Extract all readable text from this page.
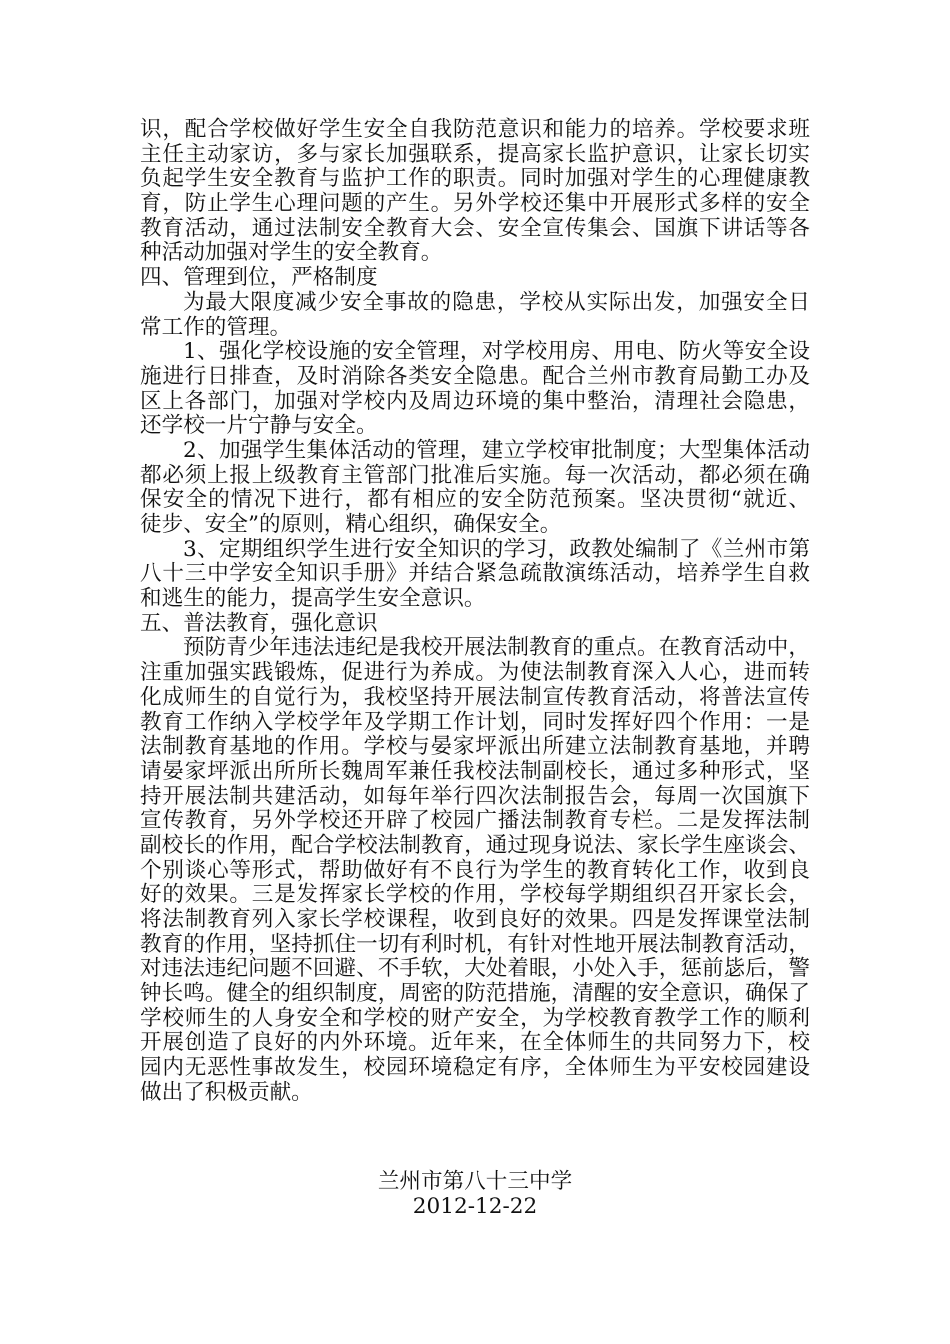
识，配合学校做好学生安全自我防范意识和能力的培养。学校要求班
主任主动家访，多与家长加强联系，提高家长监护意识，让家长切实
负起学生安全教育与监护工作的职责。同时加强对学生的心理健康教
育，防止学生心理问题的产生。另外学校还集中开展形式多样的安全
教育活动，通过法制安全教育大会、安全宣传集会、国旗下讲话等各
种活动加强对学生的安全教育。
四、管理到位，严格制度
为最大限度减少安全事故的隐患，学校从实际出发，加强安全日
常工作的管理。
1、强化学校设施的安全管理，对学校用房、用电、防火等安全设
施进行日排查，及时消除各类安全隐患。配合兰州市教育局勤工办及
区上各部门，加强对学校内及周边环境的集中整治，清理社会隐患，
还学校一片宁静与安全。
2、加强学生集体活动的管理，建立学校审批制度；大型集体活动
都必须上报上级教育主管部门批准后实施。每一次活动，都必须在确
保安全的情况下进行，都有相应的安全防范预案。坚决贯彻“就近、
徒步、安全”的原则，精心组织，确保安全。
3、定期组织学生进行安全知识的学习，政教处编制了《兰州市第
八十三中学安全知识手册》并结合紧急疏散演练活动，培养学生自救
和逃生的能力，提高学生安全意识。
五、普法教育，强化意识
预防青少年违法违纪是我校开展法制教育的重点。在教育活动中，
注重加强实践锻炼，促进行为养成。为使法制教育深入人心，进而转
化成师生的自觉行为，我校坚持开展法制宣传教育活动，将普法宣传
教育工作纳入学校学年及学期工作计划，同时发挥好四个作用：一是
法制教育基地的作用。学校与晏家坪派出所建立法制教育基地，并聘
请晏家坪派出所所长魏周军兼任我校法制副校长，通过多种形式，坚
持开展法制共建活动，如每年举行四次法制报告会，每周一次国旗下
宣传教育，另外学校还开辟了校园广播法制教育专栏。二是发挥法制
副校长的作用，配合学校法制教育，通过现身说法、家长学生座谈会、
个别谈心等形式，帮助做好有不良行为学生的教育转化工作，收到良
好的效果。三是发挥家长学校的作用，学校每学期组织召开家长会，
将法制教育列入家长学校课程，收到良好的效果。四是发挥课堂法制
教育的作用，坚持抓住一切有利时机，有针对性地开展法制教育活动，
对违法违纪问题不回避、不手软，大处着眼，小处入手，惩前毖后，警
钟长鸣。健全的组织制度，周密的防范措施，清醒的安全意识，确保了
学校师生的人身安全和学校的财产安全，为学校教育教学工作的顺利
开展创造了良好的内外环境。近年来，在全体师生的共同努力下，校
园内无恶性事故发生，校园环境稳定有序，全体师生为平安校园建设
做出了积极贡献。
兰州市第八十三中学
2012-12-22
